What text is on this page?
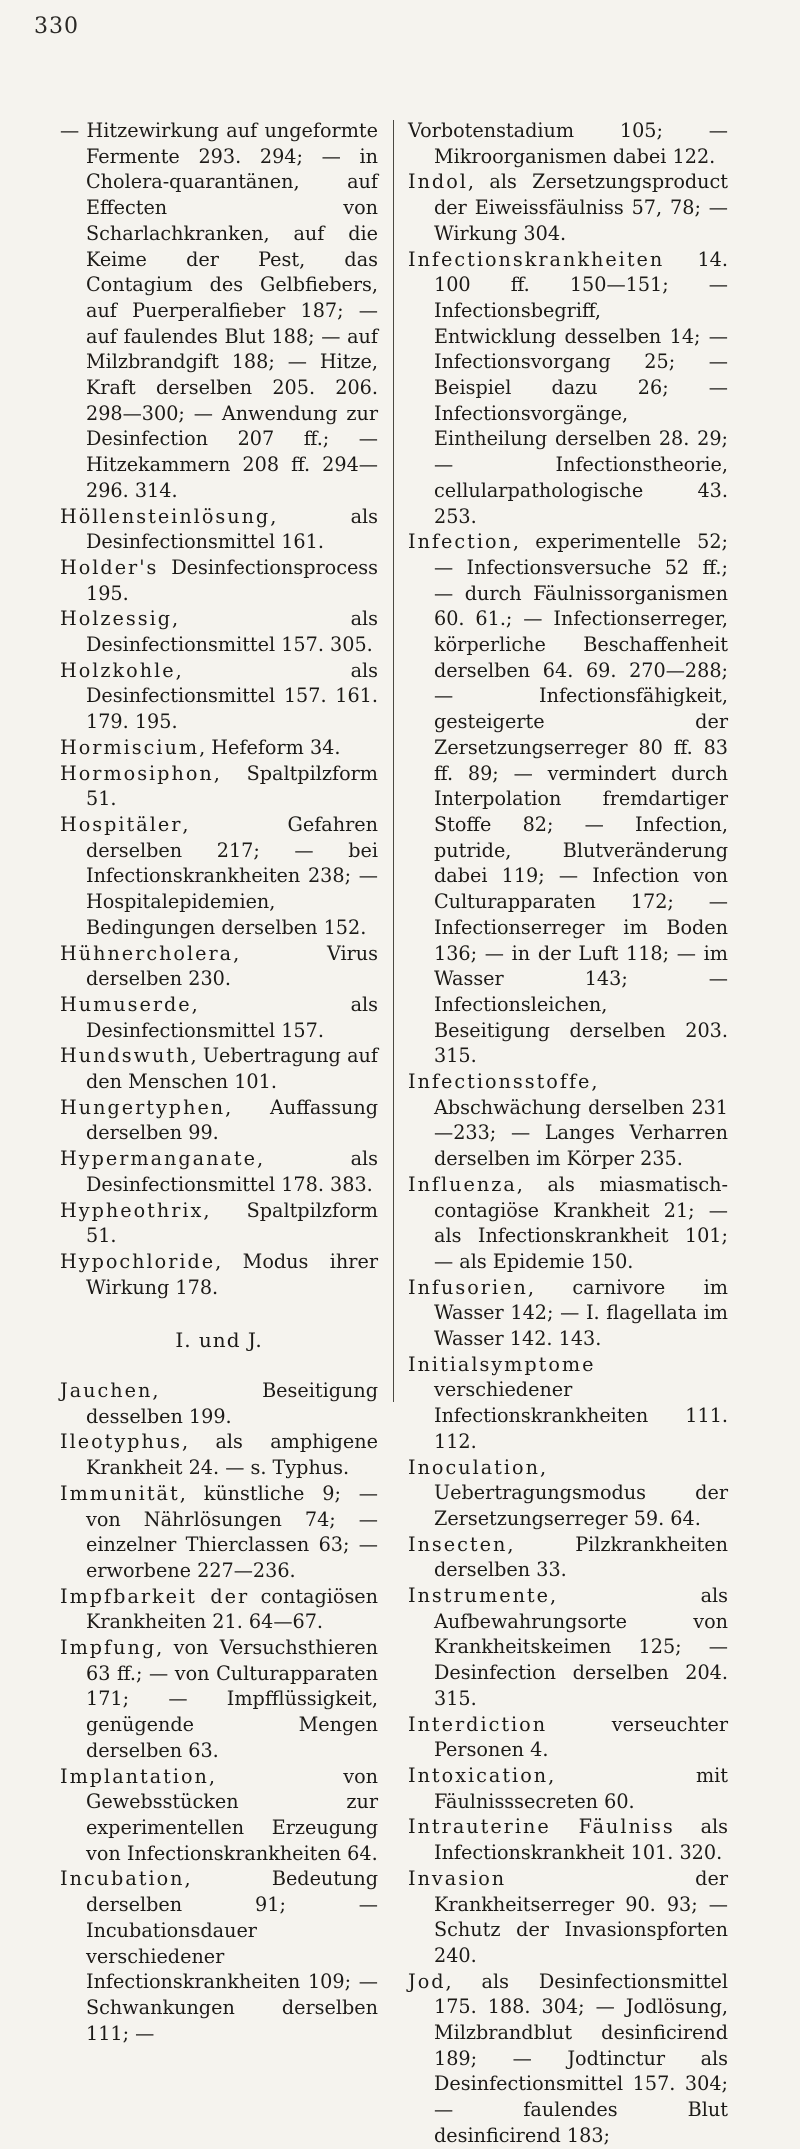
330

— Hitzewirkung auf ungeformte Fermente 293. 294; — in Cholera-quarantänen, auf Effecten von Scharlachkranken, auf die Keime der Pest, das Contagium des Gelbfiebers, auf Puerperalfieber 187; — auf faulendes Blut 188; — auf Milzbrandgift 188; — Hitze, Kraft derselben 205. 206. 298—300; — Anwendung zur Desinfection 207 ff.; — Hitzekammern 208 ff. 294—296. 314.

Höllensteinlösung, als Desinfectionsmittel 161.

Holder's Desinfectionsprocess 195.

Holzessig, als Desinfectionsmittel 157. 305.

Holzkohle, als Desinfectionsmittel 157. 161. 179. 195.

Hormiscium, Hefeform 34.

Hormosiphon, Spaltpilzform 51.

Hospitäler, Gefahren derselben 217; — bei Infectionskrankheiten 238; — Hospitalepidemien, Bedingungen derselben 152.

Hühnercholera, Virus derselben 230.

Humuserde, als Desinfectionsmittel 157.

Hundswuth, Uebertragung auf den Menschen 101.

Hungertyphen, Auffassung derselben 99.

Hypermanganate, als Desinfectionsmittel 178. 383.

Hypheothrix, Spaltpilzform 51.

Hypochloride, Modus ihrer Wirkung 178.

I. und J.

Jauchen, Beseitigung desselben 199.

Ileotyphus, als amphigene Krankheit 24. — s. Typhus.

Immunität, künstliche 9; — von Nährlösungen 74; — einzelner Thierclassen 63; — erworbene 227—236.

Impfbarkeit der contagiösen Krankheiten 21. 64—67.

Impfung, von Versuchsthieren 63 ff.; — von Culturapparaten 171; — Impfflüssigkeit, genügende Mengen derselben 63.

Implantation, von Gewebsstücken zur experimentellen Erzeugung von Infectionskrankheiten 64.

Incubation, Bedeutung derselben 91; — Incubationsdauer verschiedener Infectionskrankheiten 109; — Schwankungen derselben 111; —

Vorbotenstadium 105; — Mikroorganismen dabei 122.

Indol, als Zersetzungsproduct der Eiweissfäulniss 57, 78; — Wirkung 304.

Infectionskrankheiten 14. 100 ff. 150—151; — Infectionsbegriff, Entwicklung desselben 14; — Infectionsvorgang 25; — Beispiel dazu 26; — Infectionsvorgänge, Eintheilung derselben 28. 29; — Infectionstheorie, cellularpathologische 43. 253.

Infection, experimentelle 52; — Infectionsversuche 52 ff.; — durch Fäulnissorganismen 60. 61.; — Infectionserreger, körperliche Beschaffenheit derselben 64. 69. 270—288; — Infectionsfähigkeit, gesteigerte der Zersetzungserreger 80 ff. 83 ff. 89; — vermindert durch Interpolation fremdartiger Stoffe 82; — Infection, putride, Blutveränderung dabei 119; — Infection von Culturapparaten 172; — Infectionserreger im Boden 136; — in der Luft 118; — im Wasser 143; — Infectionsleichen, Beseitigung derselben 203. 315.

Infectionsstoffe, Abschwächung derselben 231—233; — Langes Verharren derselben im Körper 235.

Influenza, als miasmatisch-contagiöse Krankheit 21; — als Infectionskrankheit 101; — als Epidemie 150.

Infusorien, carnivore im Wasser 142; — I. flagellata im Wasser 142. 143.

Initialsymptome verschiedener Infectionskrankheiten 111. 112.

Inoculation, Uebertragungsmodus der Zersetzungserreger 59. 64.

Insecten, Pilzkrankheiten derselben 33.

Instrumente, als Aufbewahrungsorte von Krankheitskeimen 125; — Desinfection derselben 204. 315.

Interdiction verseuchter Personen 4.

Intoxication, mit Fäulnisssecreten 60.

Intrauterine Fäulniss als Infectionskrankheit 101. 320.

Invasion der Krankheitserreger 90. 93; — Schutz der Invasionspforten 240.

Jod, als Desinfectionsmittel 175. 188. 304; — Jodlösung, Milzbrandblut desinficirend 189; — Jodtinctur als Desinfectionsmittel 157. 304; — faulendes Blut desinficirend 183;
